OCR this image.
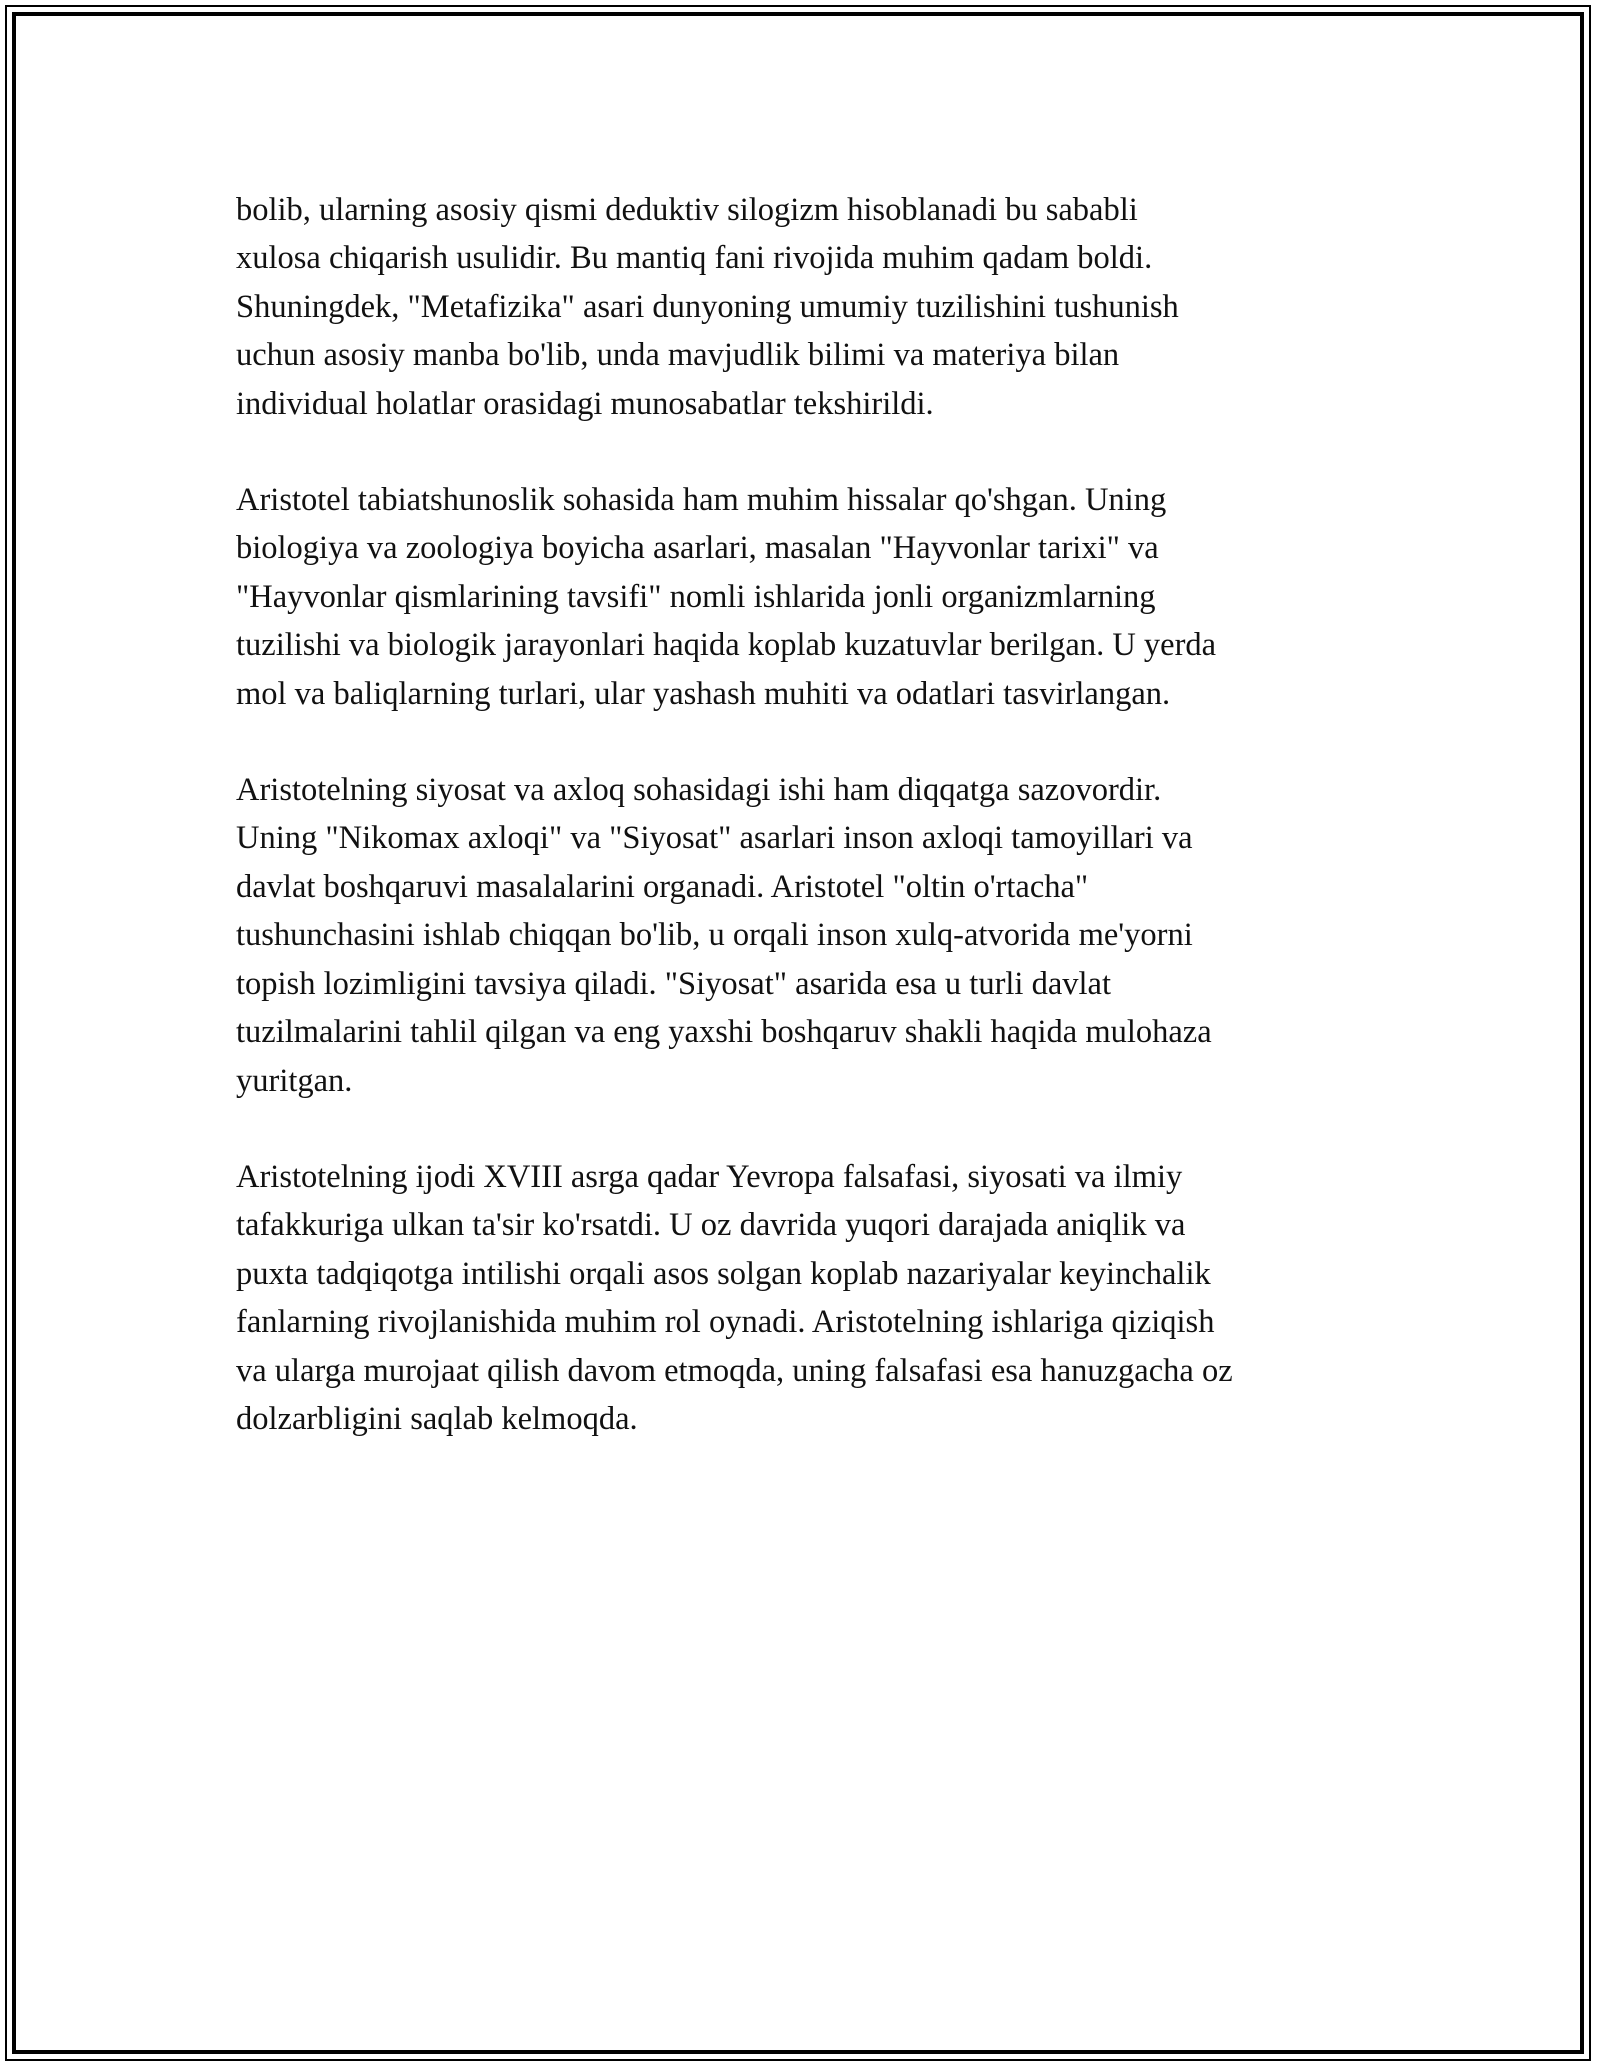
bolib, ularning asosiy qismi deduktiv silogizm hisoblanadi bu sababli
xulosa chiqarish usulidir. Bu mantiq fani rivojida muhim qadam boldi.
Shuningdek, "Metafizika" asari dunyoning umumiy tuzilishini tushunish
uchun asosiy manba bo'lib, unda mavjudlik bilimi va materiya bilan
individual holatlar orasidagi munosabatlar tekshirildi.

Aristotel tabiatshunoslik sohasida ham muhim hissalar qo'shgan. Uning
biologiya va zoologiya boyicha asarlari, masalan "Hayvonlar tarixi" va
"Hayvonlar qismlarining tavsifi" nomli ishlarida jonli organizmlarning
tuzilishi va biologik jarayonlari haqida koplab kuzatuvlar berilgan. U yerda
mol va baliqlarning turlari, ular yashash muhiti va odatlari tasvirlangan.

Aristotelning siyosat va axloq sohasidagi ishi ham diqqatga sazovordir.
Uning "Nikomax axloqi" va "Siyosat" asarlari inson axloqi tamoyillari va
davlat boshqaruvi masalalarini organadi. Aristotel "oltin o'rtacha"
tushunchasini ishlab chiqqan bo'lib, u orqali inson xulq-atvorida me'yorni
topish lozimligini tavsiya qiladi. "Siyosat" asarida esa u turli davlat
tuzilmalarini tahlil qilgan va eng yaxshi boshqaruv shakli haqida mulohaza
yuritgan.

Aristotelning ijodi XVIII asrga qadar Yevropa falsafasi, siyosati va ilmiy
tafakkuriga ulkan ta'sir ko'rsatdi. U oz davrida yuqori darajada aniqlik va
puxta tadqiqotga intilishi orqali asos solgan koplab nazariyalar keyinchalik
fanlarning rivojlanishida muhim rol oynadi. Aristotelning ishlariga qiziqish
va ularga murojaat qilish davom etmoqda, uning falsafasi esa hanuzgacha oz
dolzarbligini saqlab kelmoqda.
